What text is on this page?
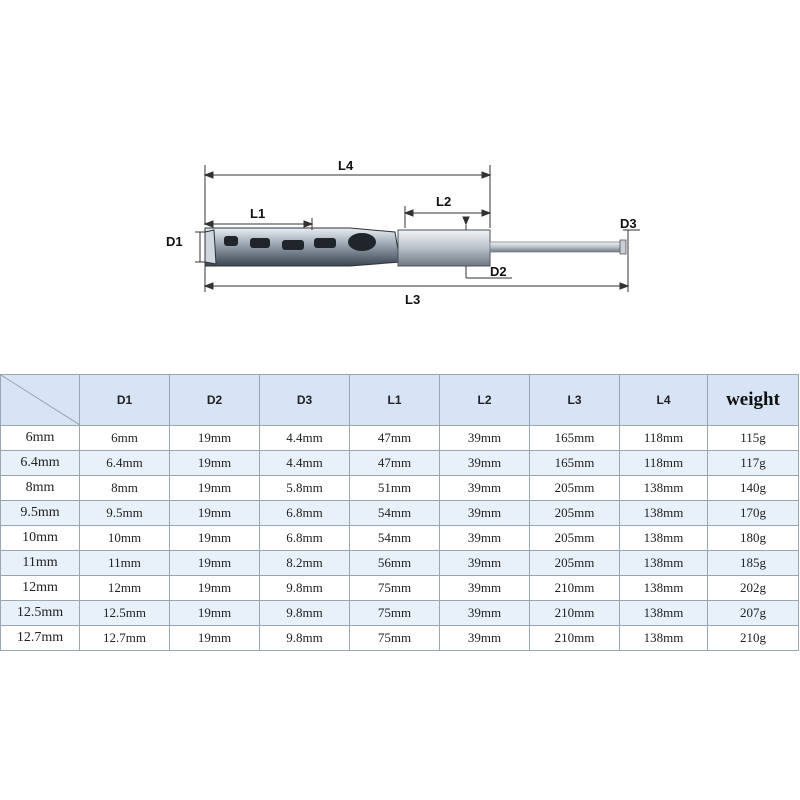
L4
L1
L2
D1
D2
D3
L3
	D1	D2	D3	L1	L2	L3	L4	weight
6mm	6mm	19mm	4.4mm	47mm	39mm	165mm	118mm	115g
6.4mm	6.4mm	19mm	4.4mm	47mm	39mm	165mm	118mm	117g
8mm	8mm	19mm	5.8mm	51mm	39mm	205mm	138mm	140g
9.5mm	9.5mm	19mm	6.8mm	54mm	39mm	205mm	138mm	170g
10mm	10mm	19mm	6.8mm	54mm	39mm	205mm	138mm	180g
11mm	11mm	19mm	8.2mm	56mm	39mm	205mm	138mm	185g
12mm	12mm	19mm	9.8mm	75mm	39mm	210mm	138mm	202g
12.5mm	12.5mm	19mm	9.8mm	75mm	39mm	210mm	138mm	207g
12.7mm	12.7mm	19mm	9.8mm	75mm	39mm	210mm	138mm	210g
